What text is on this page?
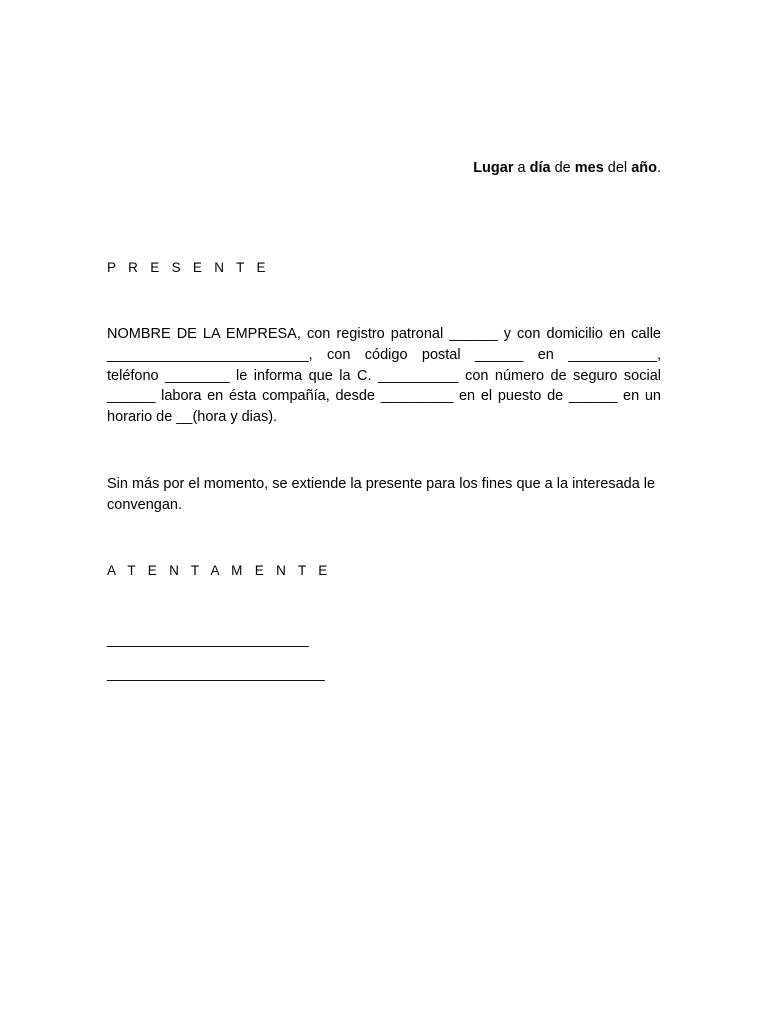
Lugar a día de mes del año.
P R E S E N T E
NOMBRE DE LA EMPRESA, con registro patronal ______ y con domicilio en calle
_________________________, con código postal ______ en ___________,
teléfono ________ le informa que la C. __________ con número de seguro social
______ labora en ésta compañía, desde _________ en el puesto de ______ en un
horario de __(hora y dias).

Sin más por el momento, se extiende la presente para los fines que a la interesada le convengan.

A T E N T A M E N T E
_________________________
___________________________
